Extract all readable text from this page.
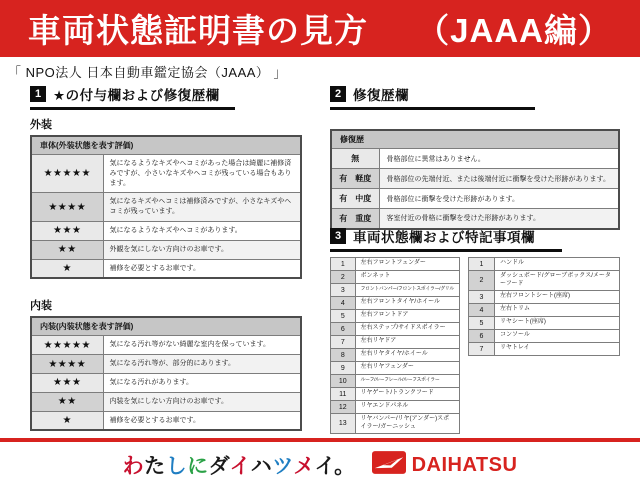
車両状態証明書の見方 （JAAA編）
「 NPO法人 日本自動車鑑定協会（JAAA） 」
1 ★の付与欄および修復歴欄
外装
車体(外装状態を表す評価)	
★★★★★	気になるようなキズやヘコミがあった場合は綺麗に補修済みですが、小さいなキズやヘコミが残っている場合もあります。
★★★★	気になるキズやヘコミは補修済みですが、小さなキズやヘコミが残っています。
★★★	気になるようなキズやヘコミがあります。
★★	外観を気にしない方向けのお車です。
★	補修を必要とするお車です。
内装
内装(内装状態を表す評価)	
★★★★★	気になる汚れ等がない綺麗な室内を保っています。
★★★★	気になる汚れ等が、部分的にあります。
★★★	気になる汚れがあります。
★★	内装を気にしない方向けのお車です。
★	補修を必要とするお車です。
2 修復歴欄
修復歴	
無	骨格部位に異常はありません。
有　軽度	骨格部位の先端付近、または後端付近に衝撃を受けた形跡があります。
有　中度	骨格部位に衝撃を受けた形跡があります。
有　重度	客室付近の骨格に衝撃を受けた形跡があります。
3 車両状態欄および特記事項欄
1	左右フロントフェンダー
2	ボンネット
3	フロントバンパー/フロントスポイラー/グリル
4	左右フロントタイヤ/ホイール
5	左右フロントドア
6	左右ステップ/サイドスポイラー
7	左右リヤドア
8	左右リヤタイヤ/ホイール
9	左右リヤフェンダー
10	ルーフ/ルーフレール/ルーフスポイラー
11	リヤゲート/トランクフード
12	リヤエンドパネル
13	リヤバンパー/リヤ(アンダー)スポイラー/ガーニッシュ
1	ハンドル
2	ダッシュボード/グローブボックス/メーターフード
3	左右フロントシート(座席)
4	左右トリム
5	リヤシート(座席)
6	コンソール
7	リヤトレイ
わたしにダイハツメイ。	DAIHATSU
